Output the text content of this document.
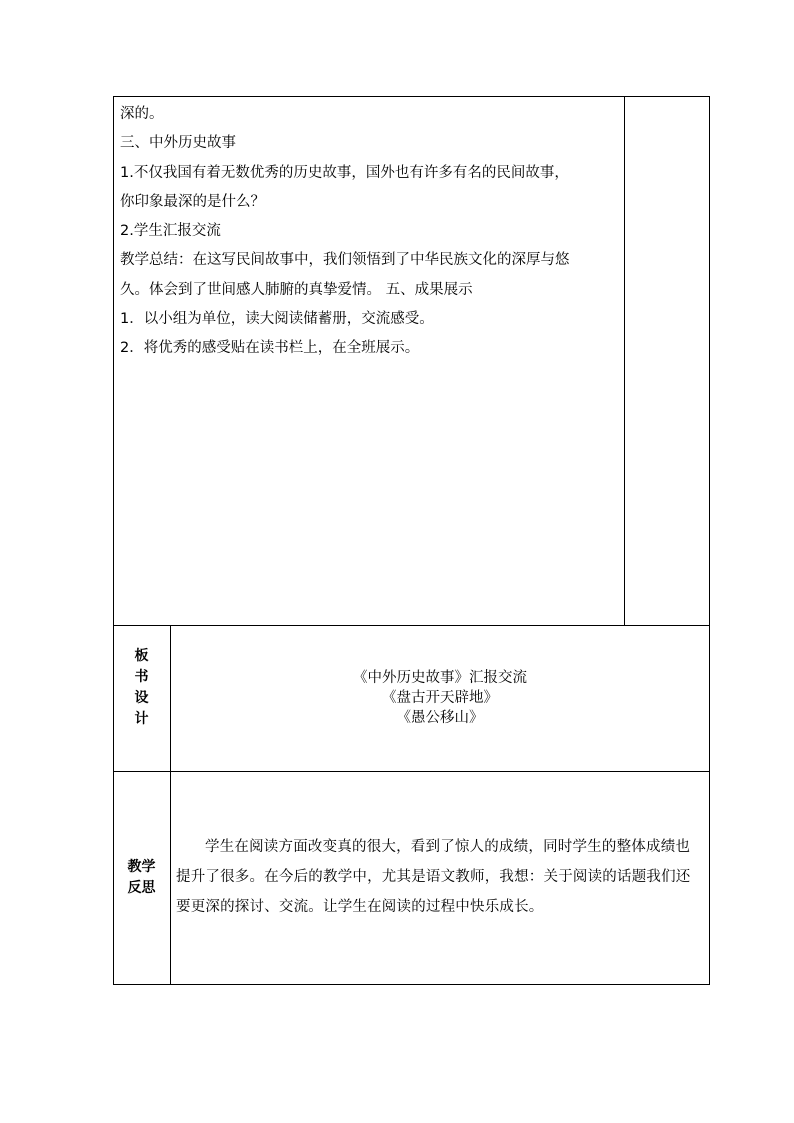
深的。

三、中外历史故事

1.不仅我国有着无数优秀的历史故事，国外也有许多有名的民间故事，

你印象最深的是什么？

2.学生汇报交流

教学总结：在这写民间故事中，我们领悟到了中华民族文化的深厚与悠

久。体会到了世间感人肺腑的真挚爱情。 五、成果展示

1．以小组为单位，读大阅读储蓄册，交流感受。

2．将优秀的感受贴在读书栏上，在全班展示。

板
书
设
计
《中外历史故事》汇报交流
《盘古开天辟地》
《愚公移山》
教学
反思

学生在阅读方面改变真的很大，看到了惊人的成绩，同时学生的整体成绩也提升了很多。在今后的教学中，尤其是语文教师，我想：关于阅读的话题我们还要更深的探讨、交流。让学生在阅读的过程中快乐成长。
